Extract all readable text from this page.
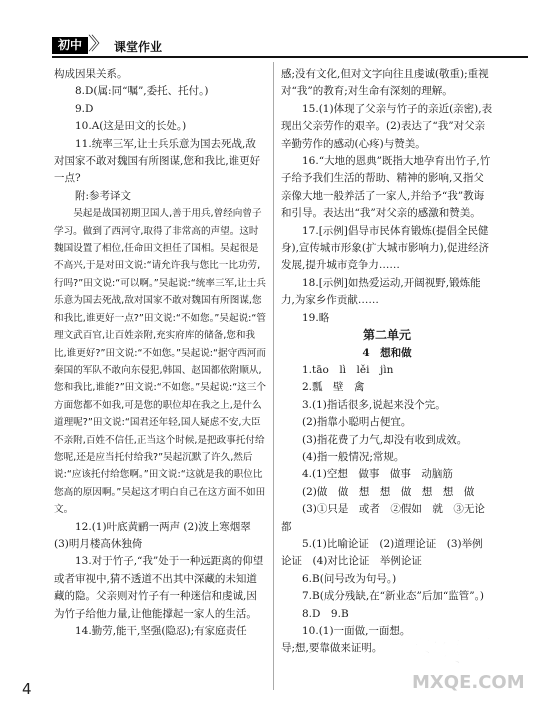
初中 〉〉 课堂作业

构成因果关系。

8.D(属:同“嘱”,委托、托付。)

9.D

10.A(这是田文的长处。)

11.统率三军,让士兵乐意为国去死战,敌对国家不敢对魏国有所图谋,您和我比,谁更好一点?

附:参考译文

吴起是战国初期卫国人,善于用兵,曾经向曾子学习。做到了西河守,取得了非常高的声望。这时魏国设置了相位,任命田文担任了国相。吴起很是不高兴,于是对田文说:“请允许我与您比一比功劳,行吗?”田文说:“可以啊。”吴起说:“统率三军,让士兵乐意为国去死战,敌对国家不敢对魏国有所图谋,您和我比,谁更好一点?”田文说:“不如您。”吴起说:“管理文武百官,让百姓亲附,充实府库的储备,您和我比,谁更好?”田文说:“不如您。”吴起说:“据守西河而秦国的军队不敢向东侵犯,韩国、赵国都依附顺从,您和我比,谁能?”田文说:“不如您。”吴起说:“这三个方面您都不如我,可是您的职位却在我之上,是什么道理呢?”田文说:“国君还年轻,国人疑虑不安,大臣不亲附,百姓不信任,正当这个时候,是把政事托付给您呢,还是应当托付给我?”吴起沉默了许久,然后说:“应该托付给您啊。”田文说:“这就是我的职位比您高的原因啊。”吴起这才明白自己在这方面不如田文。

12.(1)叶底黄鹂一两声 (2)波上寒烟翠 (3)明月楼高休独倚

13.对于竹子,“我”处于一种远距离的仰望或者审视中,猜不透道不出其中深藏的未知道藏的隐。父亲则对竹子有一种迷信和虔诚,因为竹子给他力量,让他能撑起一家人的生活。

14.勤劳,能干,坚强(隐忍);有家庭责任

感;没有文化,但对文字向往且虔诚(敬重);重视对“我”的教育;对生命有深刻的理解。

15.(1)体现了父亲与竹子的亲近(亲密),表现出父亲劳作的艰辛。(2)表达了“我”对父亲辛勤劳作的感动(心疼)与赞美。

16.“大地的恩典”既指大地孕育出竹子,竹子给予我们生活的帮助、精神的影响,又指父亲像大地一般养活了一家人,并给予“我”教诲和引导。表达出“我”对父亲的感激和赞美。

17.[示例]倡导市民体育锻炼(提倡全民健身),宣传城市形象(扩大城市影响力),促进经济发展,提升城市竞争力……

18.[示例]如热爱运动,开阔视野,锻炼能力,为家乡作贡献……

19.略

第二单元

4　想和做

1.tāo　lì　lěi　jìn

2.瓢　壁　禽

3.(1)指话很多,说起来没个完。

(2)指靠小聪明占便宜。

(3)指花费了力气,却没有收到成效。

(4)指一般情况;常规。

4.(1)空想　做事　做事　动脑筋

(2)做　做　想　想　做　想　想　做

(3)①只是　或者　②假如　就　③无论　都

5.(1)比喻论证　(2)道理论证　(3)举例论证　(4)对比论证　举例论证

6.B(问号改为句号。)

7.B(成分残缺,在“新业态”后加“监管”。)

8.D　9.B

10.(1)一面做,一面想。

导;想,要靠做来证明。

4
答案圈
MXQE.COM
